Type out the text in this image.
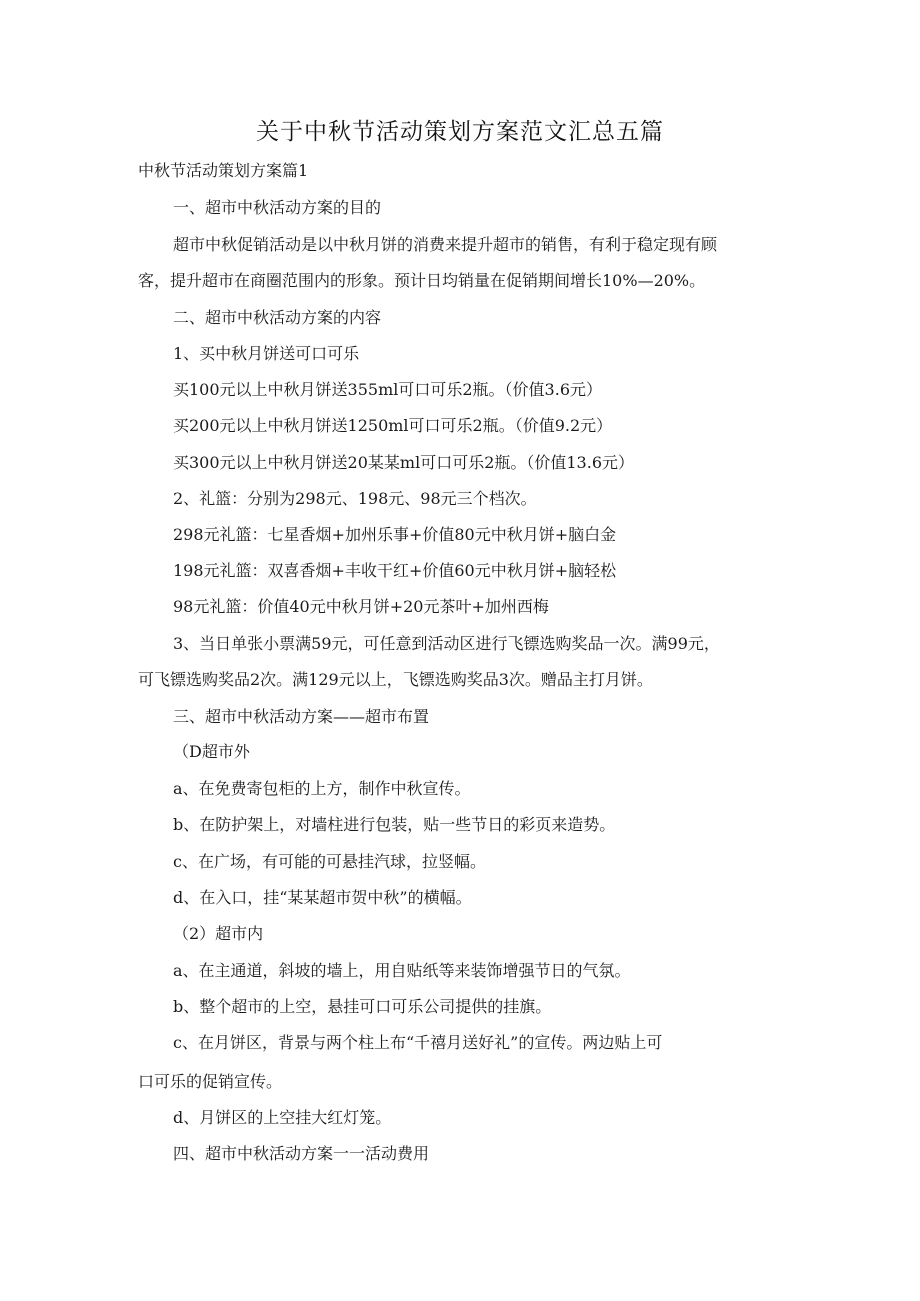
关于中秋节活动策划方案范文汇总五篇
中秋节活动策划方案篇1
一、超市中秋活动方案的目的
超市中秋促销活动是以中秋月饼的消费来提升超市的销售，有利于稳定现有顾
客，提升超市在商圈范围内的形象。预计日均销量在促销期间增长10%—20%。
二、超市中秋活动方案的内容
1、买中秋月饼送可口可乐
买100元以上中秋月饼送355ml可口可乐2瓶。（价值3.6元）
买200元以上中秋月饼送1250ml可口可乐2瓶。（价值9.2元）
买300元以上中秋月饼送20某某ml可口可乐2瓶。（价值13.6元）
2、礼篮：分别为298元、198元、98元三个档次。
298元礼篮：七星香烟+加州乐事+价值80元中秋月饼+脑白金
198元礼篮：双喜香烟+丰收干红+价值60元中秋月饼+脑轻松
98元礼篮：价值40元中秋月饼+20元茶叶+加州西梅
3、当日单张小票满59元，可任意到活动区进行飞镖选购奖品一次。满99元，
可飞镖选购奖品2次。满129元以上，飞镖选购奖品3次。赠品主打月饼。
三、超市中秋活动方案——超市布置
（D超市外
a、在免费寄包柜的上方，制作中秋宣传。
b、在防护架上，对墙柱进行包装，贴一些节日的彩页来造势。
c、在广场，有可能的可悬挂汽球，拉竖幅。
d、在入口，挂“某某超市贺中秋”的横幅。
（2）超市内
a、在主通道，斜坡的墙上，用自贴纸等来装饰增强节日的气氛。
b、整个超市的上空，悬挂可口可乐公司提供的挂旗。
c、在月饼区，背景与两个柱上布“千禧月送好礼”的宣传。两边贴上可
口可乐的促销宣传。
d、月饼区的上空挂大红灯笼。
四、超市中秋活动方案一一活动费用
